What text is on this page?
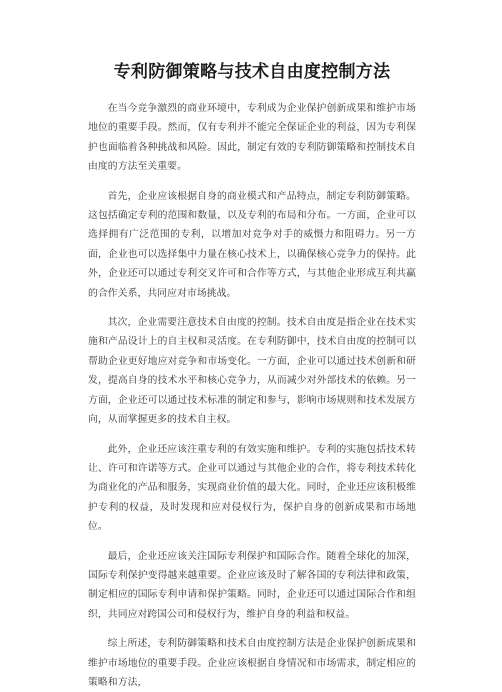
专利防御策略与技术自由度控制方法

在当今竞争激烈的商业环境中，专利成为企业保护创新成果和维护市场地位的重要手段。然而，仅有专利并不能完全保证企业的利益，因为专利保护也面临着各种挑战和风险。因此，制定有效的专利防御策略和控制技术自由度的方法至关重要。

首先，企业应该根据自身的商业模式和产品特点，制定专利防御策略。这包括确定专利的范围和数量，以及专利的布局和分布。一方面，企业可以选择拥有广泛范围的专利，以增加对竞争对手的威慑力和阻碍力。另一方面，企业也可以选择集中力量在核心技术上，以确保核心竞争力的保持。此外，企业还可以通过专利交叉许可和合作等方式，与其他企业形成互利共赢的合作关系，共同应对市场挑战。

其次，企业需要注意技术自由度的控制。技术自由度是指企业在技术实施和产品设计上的自主权和灵活度。在专利防御中，技术自由度的控制可以帮助企业更好地应对竞争和市场变化。一方面，企业可以通过技术创新和研发，提高自身的技术水平和核心竞争力，从而减少对外部技术的依赖。另一方面，企业还可以通过技术标准的制定和参与，影响市场规则和技术发展方向，从而掌握更多的技术自主权。

此外，企业还应该注重专利的有效实施和维护。专利的实施包括技术转让、许可和许诺等方式。企业可以通过与其他企业的合作，将专利技术转化为商业化的产品和服务，实现商业价值的最大化。同时，企业还应该积极维护专利的权益，及时发现和应对侵权行为，保护自身的创新成果和市场地位。

最后，企业还应该关注国际专利保护和国际合作。随着全球化的加深，国际专利保护变得越来越重要。企业应该及时了解各国的专利法律和政策，制定相应的国际专利申请和保护策略。同时，企业还可以通过国际合作和组织，共同应对跨国公司和侵权行为，维护自身的利益和权益。

综上所述，专利防御策略和技术自由度控制方法是企业保护创新成果和维护市场地位的重要手段。企业应该根据自身情况和市场需求，制定相应的策略和方法，
